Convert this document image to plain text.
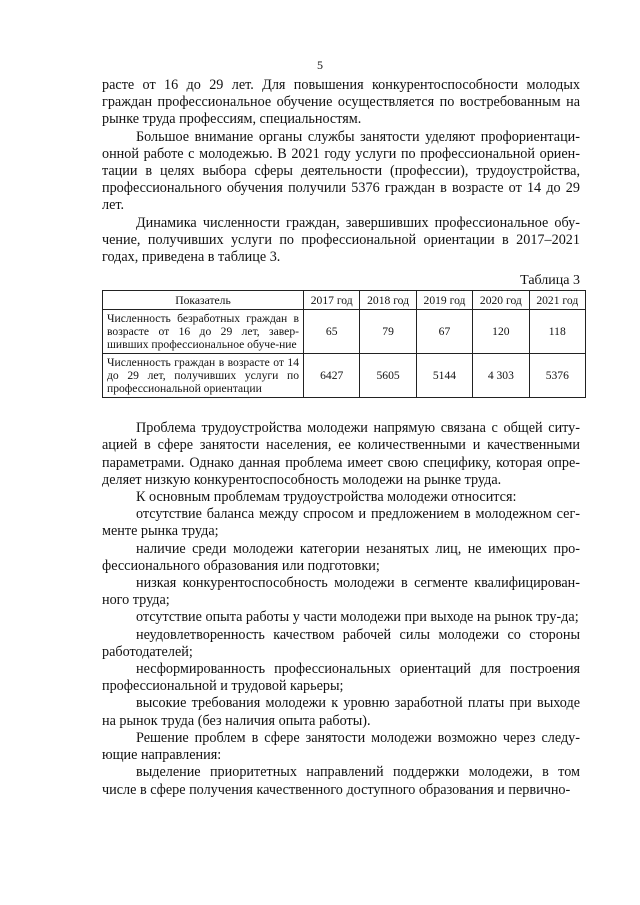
5

расте от 16 до 29 лет. Для повышения конкурентоспособности молодых граждан профессиональное обучение осуществляется по востребованным на рынке труда профессиям, специальностям.

Большое внимание органы службы занятости уделяют профориентаци-онной работе с молодежью. В 2021 году услуги по профессиональной ориен-тации в целях выбора сферы деятельности (профессии), трудоустройства, профессионального обучения получили 5376 граждан в возрасте от 14 до 29 лет.

Динамика численности граждан, завершивших профессиональное обу-чение, получивших услуги по профессиональной ориентации в 2017–2021 годах, приведена в таблице 3.

Таблица 3
Показатель	2017 год	2018 год	2019 год	2020 год	2021 год
Численность безработных граждан в возрасте от 16 до 29 лет, завер-шивших профессиональное обуче-ние	65	79	67	120	118
Численность граждан в возрасте от 14 до 29 лет, получивших услуги по профессиональной ориентации	6427	5605	5144	4 303	5376

Проблема трудоустройства молодежи напрямую связана с общей ситу-ацией в сфере занятости населения, ее количественными и качественными параметрами. Однако данная проблема имеет свою специфику, которая опре-деляет низкую конкурентоспособность молодежи на рынке труда.

К основным проблемам трудоустройства молодежи относится:

отсутствие баланса между спросом и предложением в молодежном сег-менте рынка труда;

наличие среди молодежи категории незанятых лиц, не имеющих про-фессионального образования или подготовки;

низкая конкурентоспособность молодежи в сегменте квалифицирован-ного труда;

отсутствие опыта работы у части молодежи при выходе на рынок тру-да;

неудовлетворенность качеством рабочей силы молодежи со стороны работодателей;

несформированность профессиональных ориентаций для построения профессиональной и трудовой карьеры;

высокие требования молодежи к уровню заработной платы при выходе на рынок труда (без наличия опыта работы).

Решение проблем в сфере занятости молодежи возможно через следу-ющие направления:

выделение приоритетных направлений поддержки молодежи, в том числе в сфере получения качественного доступного образования и первично-
